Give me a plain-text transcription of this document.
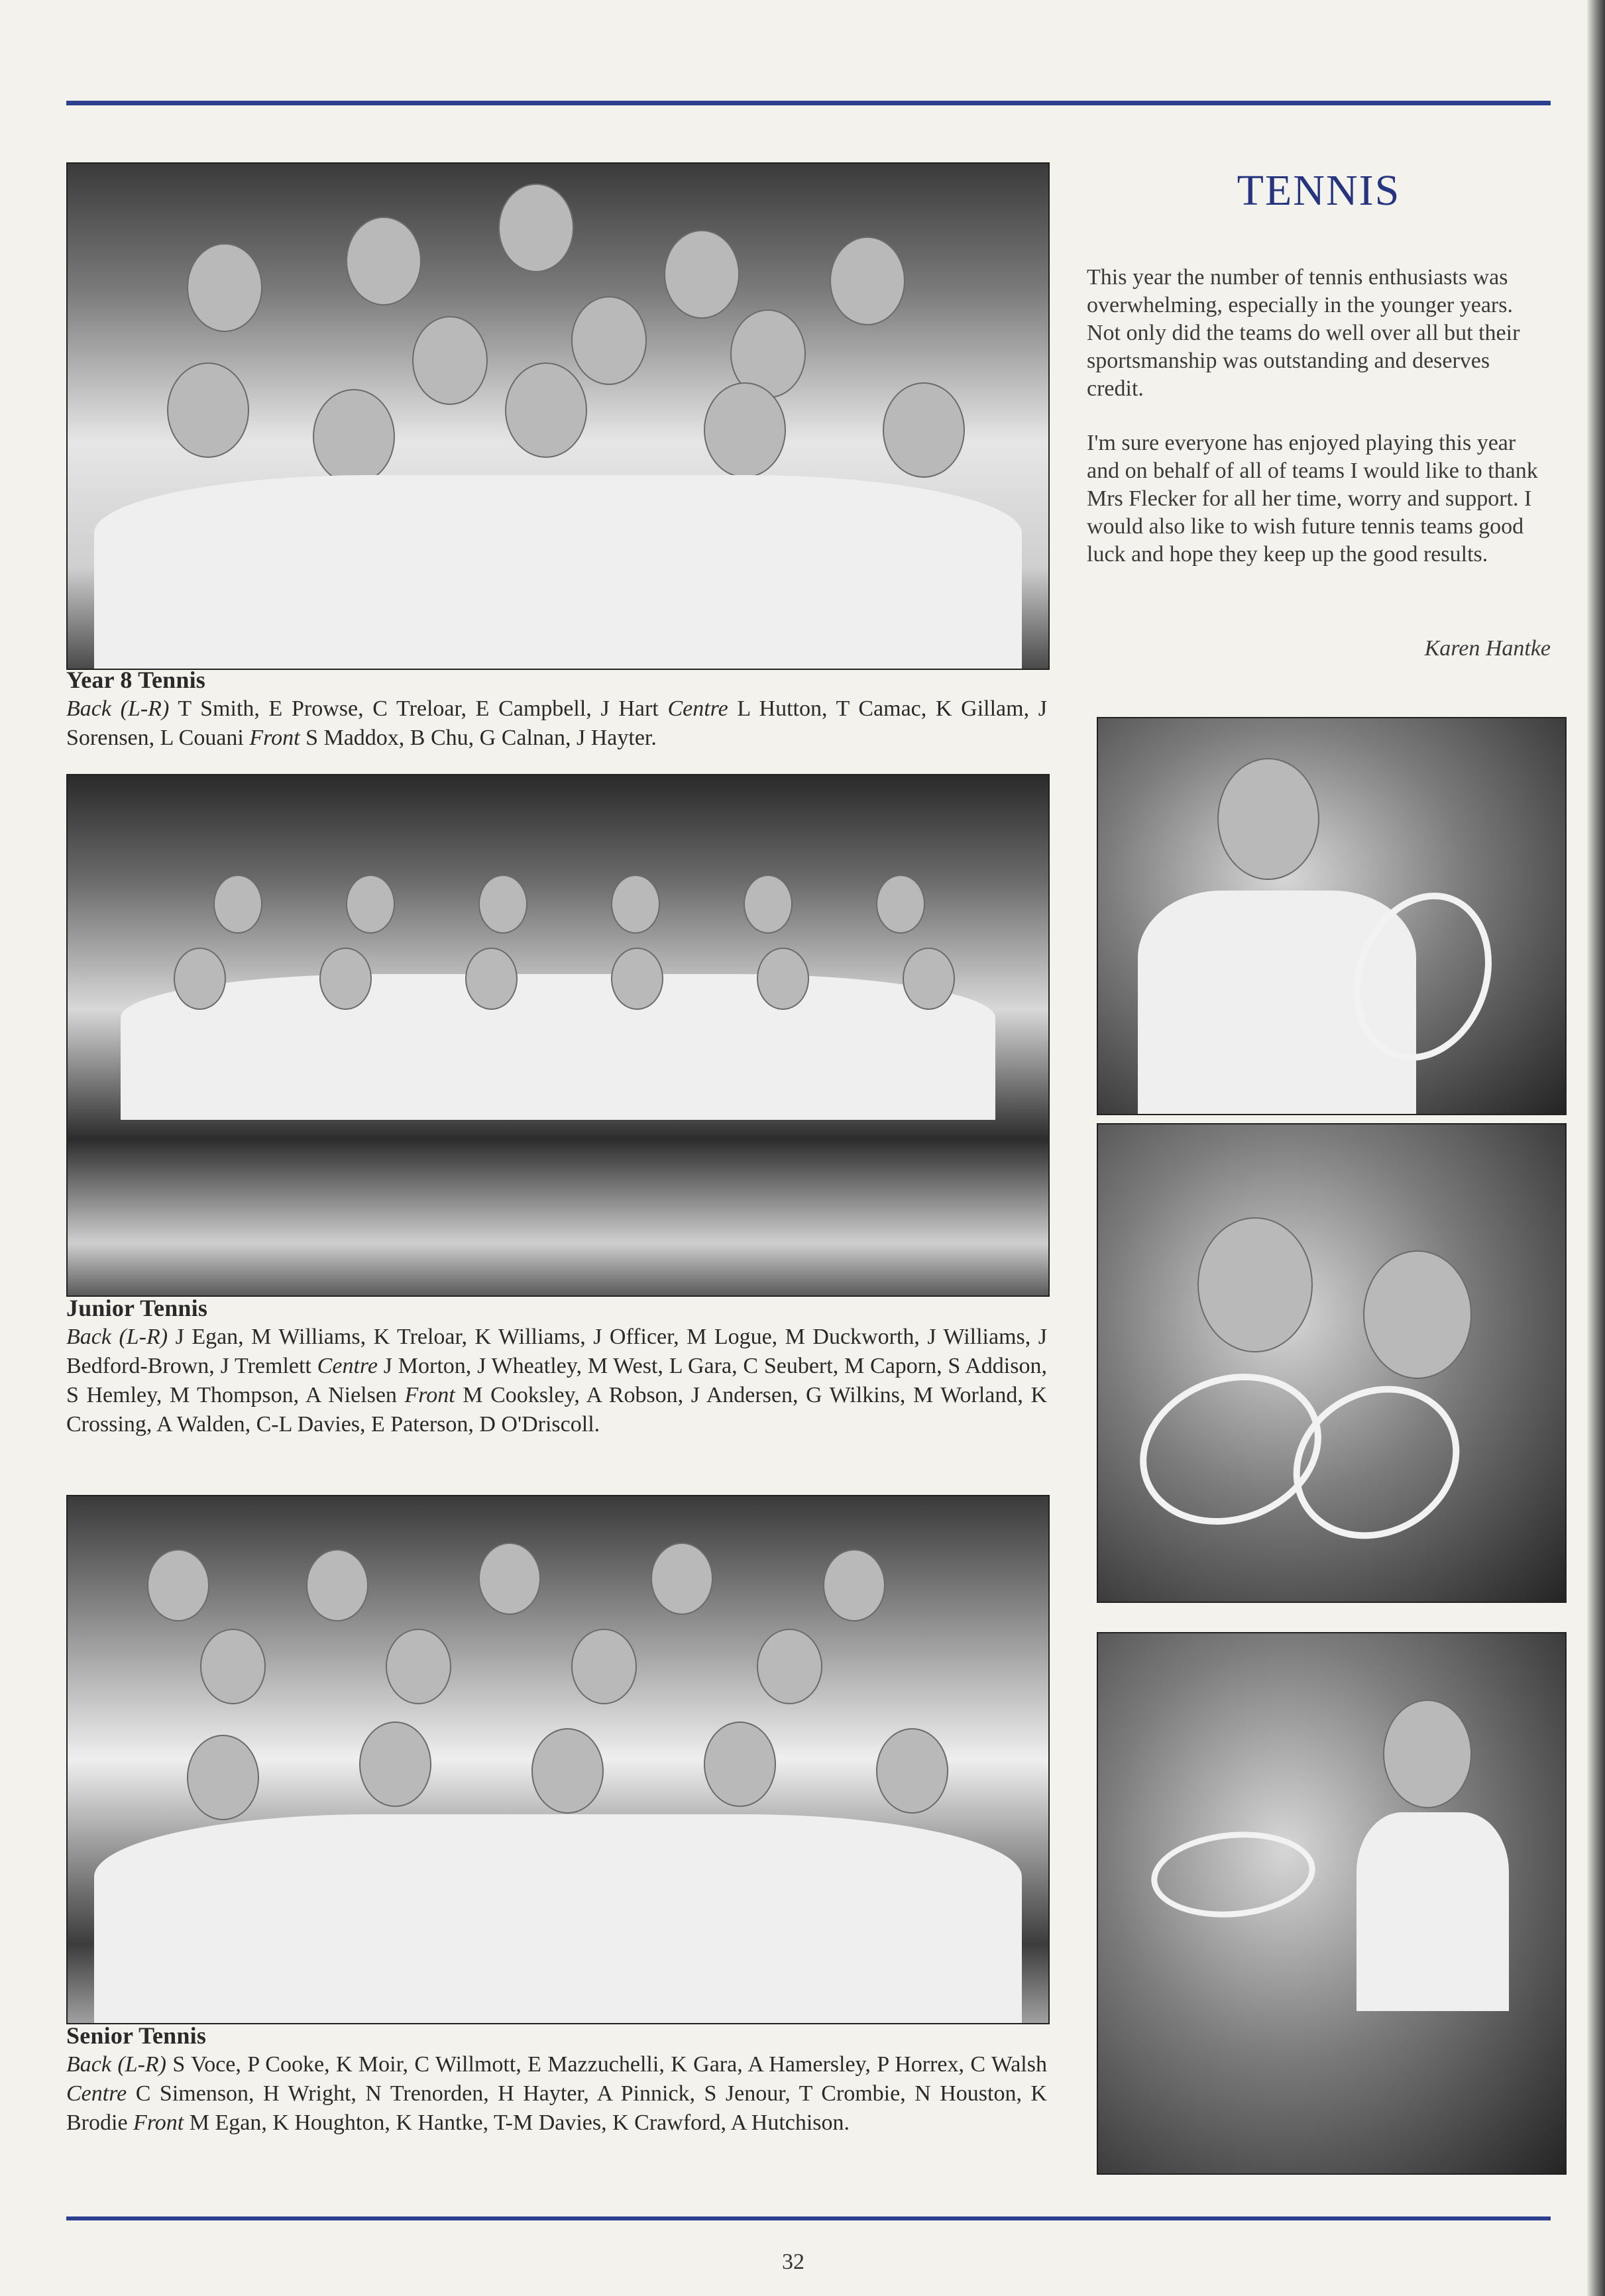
Year 8 Tennis
Back (L-R) T Smith, E Prowse, C Treloar, E Campbell, J Hart Centre L Hutton, T Camac, K Gillam, J Sorensen, L Couani Front S Maddox, B Chu, G Calnan, J Hayter.
Junior Tennis
Back (L-R) J Egan, M Williams, K Treloar, K Williams, J Officer, M Logue, M Duckworth, J Williams, J Bedford-Brown, J Tremlett Centre J Morton, J Wheatley, M West, L Gara, C Seubert, M Caporn, S Addison, S Hemley, M Thompson, A Nielsen Front M Cooksley, A Robson, J Andersen, G Wilkins, M Worland, K Crossing, A Walden, C-L Davies, E Paterson, D O'Driscoll.
Senior Tennis
Back (L-R) S Voce, P Cooke, K Moir, C Willmott, E Mazzuchelli, K Gara, A Hamersley, P Horrex, C Walsh Centre C Simenson, H Wright, N Trenorden, H Hayter, A Pinnick, S Jenour, T Crombie, N Houston, K Brodie Front M Egan, K Houghton, K Hantke, T-M Davies, K Crawford, A Hutchison.
TENNIS

This year the number of tennis enthusiasts was overwhelming, especially in the younger years. Not only did the teams do well over all but their sportsmanship was outstanding and deserves credit.

I'm sure everyone has enjoyed playing this year and on behalf of all of teams I would like to thank Mrs Flecker for all her time, worry and support. I would also like to wish future tennis teams good luck and hope they keep up the good results.

Karen Hantke
32
